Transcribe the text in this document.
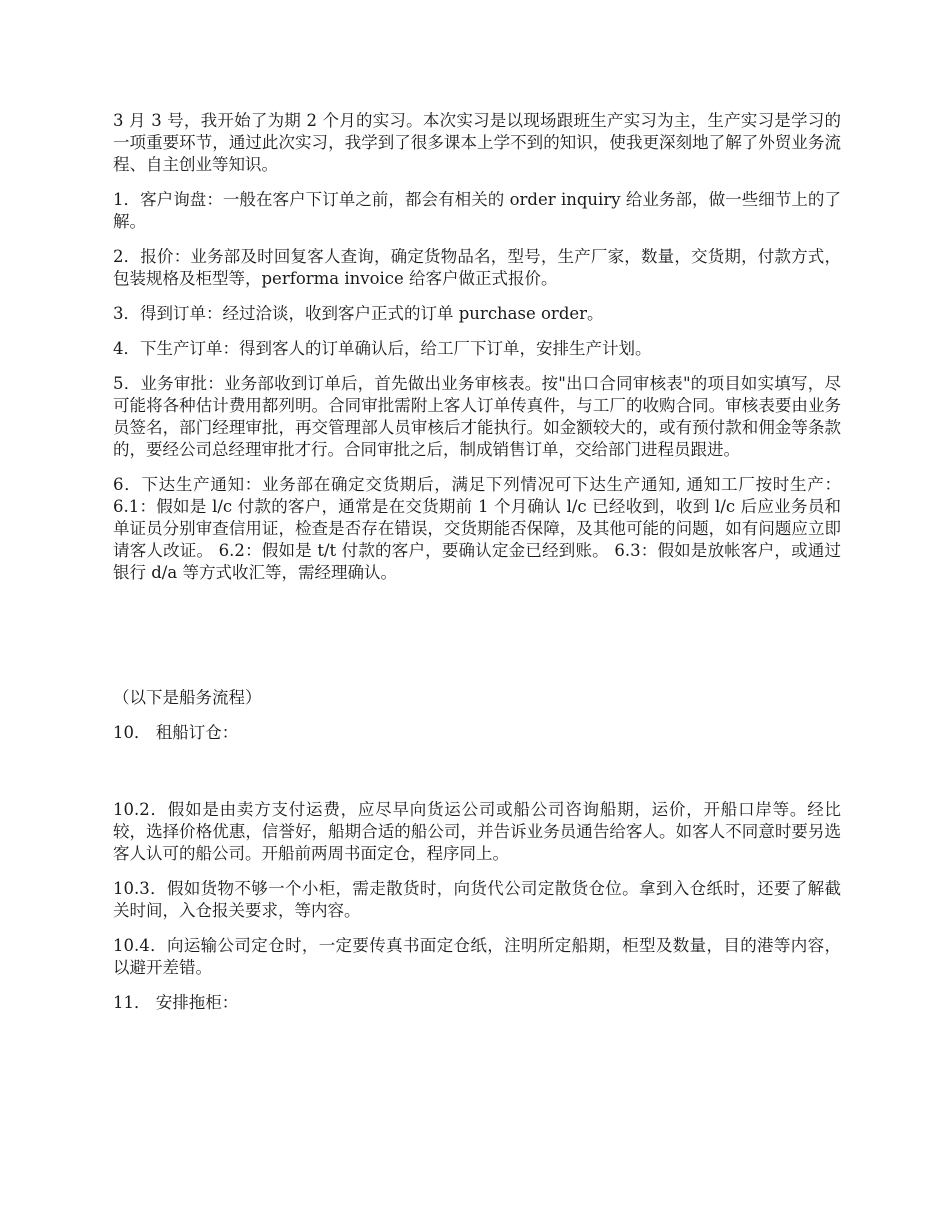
3 月 3 号，我开始了为期 2 个月的实习。本次实习是以现场跟班生产实习为主，生产实习是学习的一项重要环节，通过此次实习，我学到了很多课本上学不到的知识，使我更深刻地了解了外贸业务流程、自主创业等知识。

1．客户询盘：一般在客户下订单之前，都会有相关的 order inquiry 给业务部，做一些细节上的了解。

2．报价：业务部及时回复客人查询，确定货物品名，型号，生产厂家，数量，交货期，付款方式，包装规格及柜型等，performa invoice 给客户做正式报价。

3．得到订单：经过洽谈，收到客户正式的订单 purchase order。

4．下生产订单：得到客人的订单确认后，给工厂下订单，安排生产计划。

5．业务审批：业务部收到订单后，首先做出业务审核表。按"出口合同审核表"的项目如实填写，尽可能将各种估计费用都列明。合同审批需附上客人订单传真件，与工厂的收购合同。审核表要由业务员签名，部门经理审批，再交管理部人员审核后才能执行。如金额较大的，或有预付款和佣金等条款的，要经公司总经理审批才行。合同审批之后，制成销售订单，交给部门进程员跟进。

6．下达生产通知：业务部在确定交货期后，满足下列情况可下达生产通知, 通知工厂按时生产： 6.1：假如是 l/c 付款的客户，通常是在交货期前 1 个月确认 l/c 已经收到，收到 l/c 后应业务员和单证员分别审查信用证，检查是否存在错误，交货期能否保障，及其他可能的问题，如有问题应立即请客人改证。 6.2：假如是 t/t 付款的客户，要确认定金已经到账。 6.3：假如是放帐客户，或通过银行 d/a 等方式收汇等，需经理确认。

（以下是船务流程）

10． 租船订仓：

10.2．假如是由卖方支付运费，应尽早向货运公司或船公司咨询船期，运价，开船口岸等。经比较，选择价格优惠，信誉好，船期合适的船公司，并告诉业务员通告给客人。如客人不同意时要另选客人认可的船公司。开船前两周书面定仓，程序同上。

10.3．假如货物不够一个小柜，需走散货时，向货代公司定散货仓位。拿到入仓纸时，还要了解截关时间，入仓报关要求，等内容。

10.4．向运输公司定仓时，一定要传真书面定仓纸，注明所定船期，柜型及数量，目的港等内容，以避开差错。

11． 安排拖柜：
